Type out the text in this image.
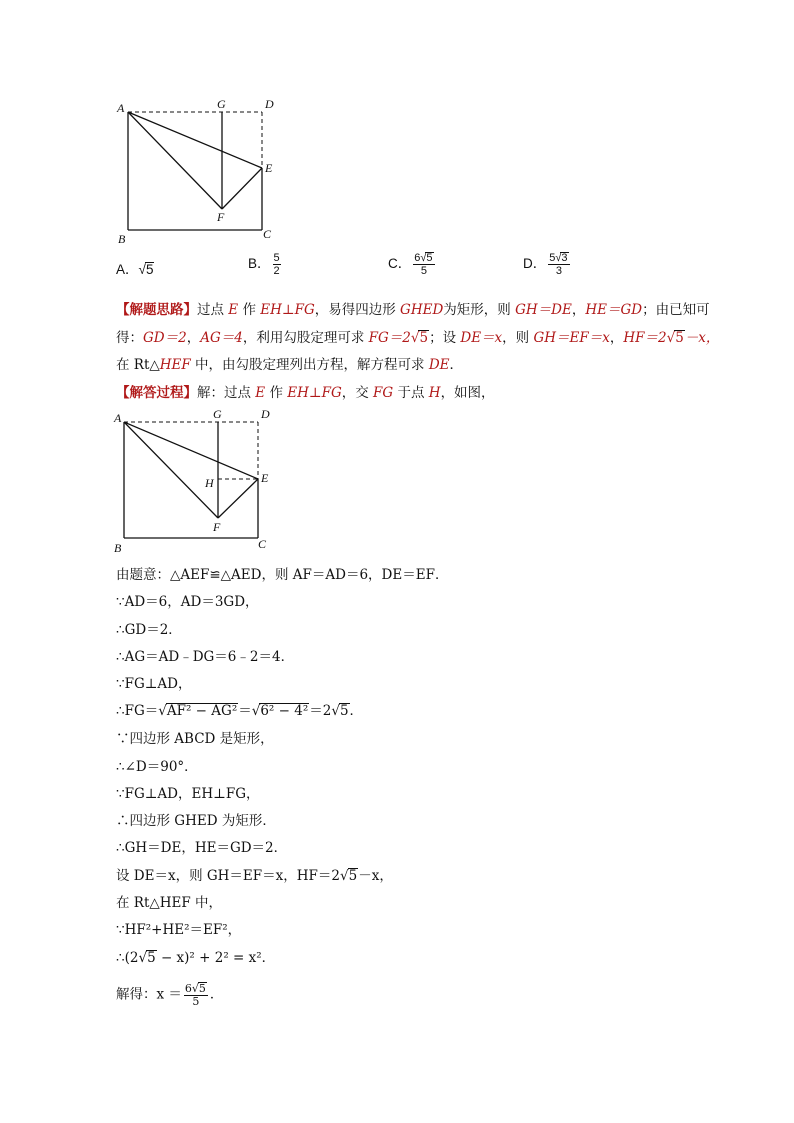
A	G	D
E
F
B	C
A．√5	B． $\frac{5}{2}$	C． $\frac{6√5}{5}$	D． $\frac{5√3}{3}$
【解题思路】过点 E 作 EH⊥FG，易得四边形 GHED为矩形，则 GH＝DE，HE＝GD；由已知可
得：GD＝2，AG＝4，利用勾股定理可求 FG＝2√5；设 DE＝x，则 GH＝EF＝x，HF＝2√5－x，
在 Rt△HEF 中，由勾股定理列出方程，解方程可求 DE．
【解答过程】解：过点 E 作 EH⊥FG，交 FG 于点 H，如图，
A	G	D
E
H
F
B	C
由题意：△AEF≌△AED，则 AF＝AD＝6，DE＝EF．
∵AD＝6，AD＝3GD，
∴GD＝2．
∴AG＝AD﹣DG＝6﹣2＝4．
∵FG⊥AD，
∴FG＝√AF² − AG²＝√6² − 4²＝2√5．
∵四边形 ABCD 是矩形，
∴∠D＝90°．
∵FG⊥AD，EH⊥FG，
∴四边形 GHED 为矩形．
∴GH＝DE，HE＝GD＝2．
设 DE＝x，则 GH＝EF＝x，HF＝2√5－x，
在 Rt△HEF 中，
∵HF²+HE²＝EF²，
∴(2√5 − x)² + 2² = x²．
解得：$x = \frac{6√5}{5}$ ．
